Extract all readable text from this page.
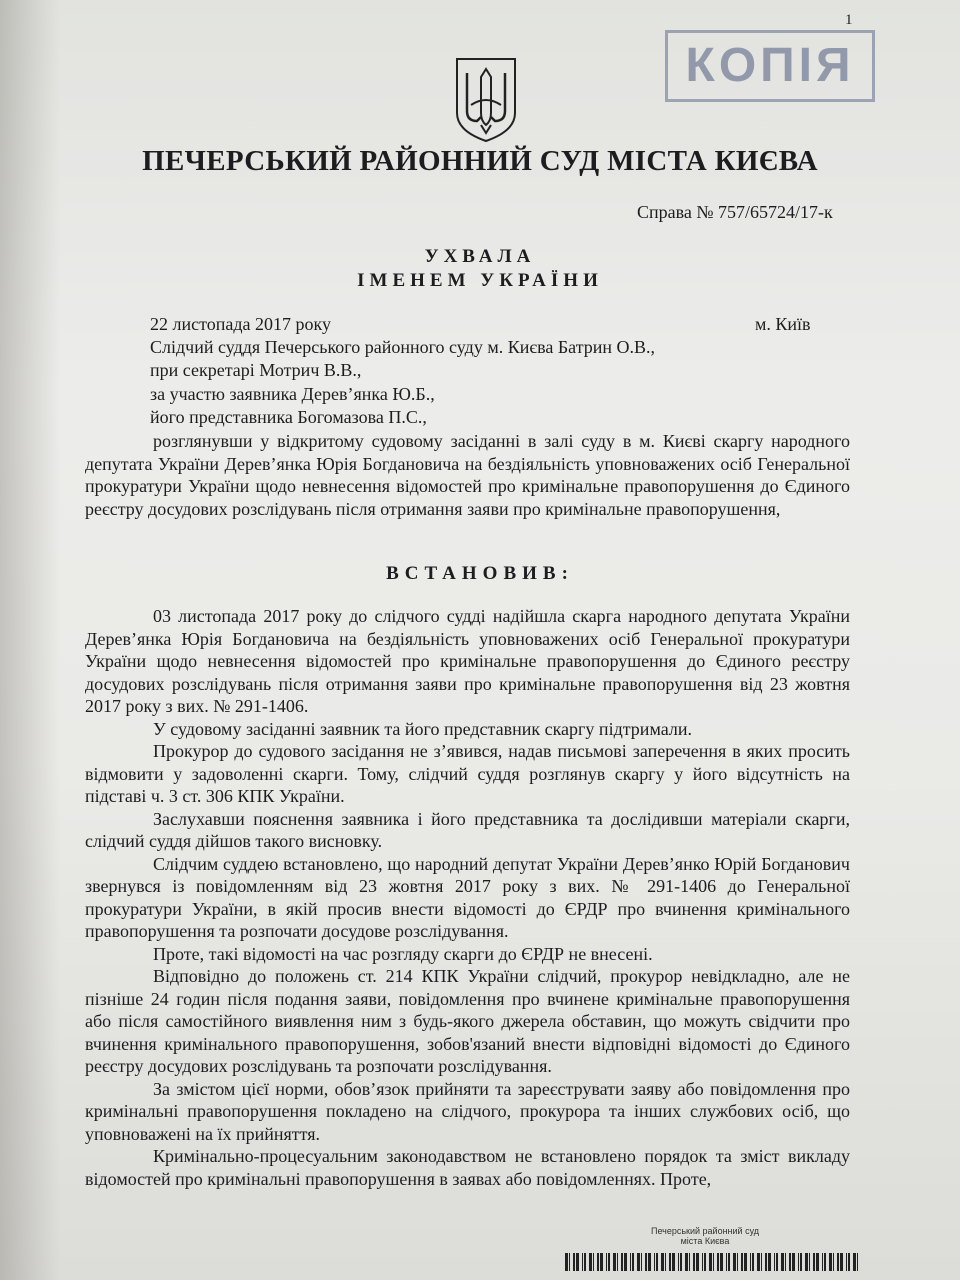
1
КОПІЯ
ПЕЧЕРСЬКИЙ РАЙОННИЙ СУД МІСТА КИЄВА
Справа № 757/65724/17-к
УХВАЛА
ІМЕНЕМ УКРАЇНИ
22 листопада 2017 року	м. Київ
Слідчий суддя Печерського районного суду м. Києва Батрин О.В.,
при секретарі Мотрич В.В.,
за участю заявника Дерев’янка Ю.Б.,
його представника Богомазова П.С.,

розглянувши у відкритому судовому засіданні в залі суду в м. Києві скаргу народного депутата України Дерев’янка Юрія Богдановича на бездіяльність уповноважених осіб Генеральної прокуратури України щодо невнесення відомостей про кримінальне правопорушення до Єдиного реєстру досудових розслідувань після отримання заяви про кримінальне правопорушення,

ВСТАНОВИВ:

03 листопада 2017 року до слідчого судді надійшла скарга народного депутата України Дерев’янка Юрія Богдановича на бездіяльність уповноважених осіб Генеральної прокуратури України щодо невнесення відомостей про кримінальне правопорушення до Єдиного реєстру досудових розслідувань після отримання заяви про кримінальне правопорушення від 23 жовтня 2017 року з вих. № 291-1406.

У судовому засіданні заявник та його представник скаргу підтримали.

Прокурор до судового засідання не з’явився, надав письмові заперечення в яких просить відмовити у задоволенні скарги. Тому, слідчий суддя розглянув скаргу у його відсутність на підставі ч. 3 ст. 306 КПК України.

Заслухавши пояснення заявника і його представника та дослідивши матеріали скарги, слідчий суддя дійшов такого висновку.

Слідчим суддею встановлено, що народний депутат України Дерев’янко Юрій Богданович звернувся із повідомленням від 23 жовтня 2017 року з вих. № 291-1406 до Генеральної прокуратури України, в якій просив внести відомості до ЄРДР про вчинення кримінального правопорушення та розпочати досудове розслідування.

Проте, такі відомості на час розгляду скарги до ЄРДР не внесені.

Відповідно до положень ст. 214 КПК України слідчий, прокурор невідкладно, але не пізніше 24 годин після подання заяви, повідомлення про вчинене кримінальне правопорушення або після самостійного виявлення ним з будь-якого джерела обставин, що можуть свідчити про вчинення кримінального правопорушення, зобов'язаний внести відповідні відомості до Єдиного реєстру досудових розслідувань та розпочати розслідування.

За змістом цієї норми, обов’язок прийняти та зареєструвати заяву або повідомлення про кримінальні правопорушення покладено на слідчого, прокурора та інших службових осіб, що уповноважені на їх прийняття.

Кримінально-процесуальним законодавством не встановлено порядок та зміст викладу відомостей про кримінальні правопорушення в заявах або повідомленнях. Проте,

Печерський районний суд
міста Києва
